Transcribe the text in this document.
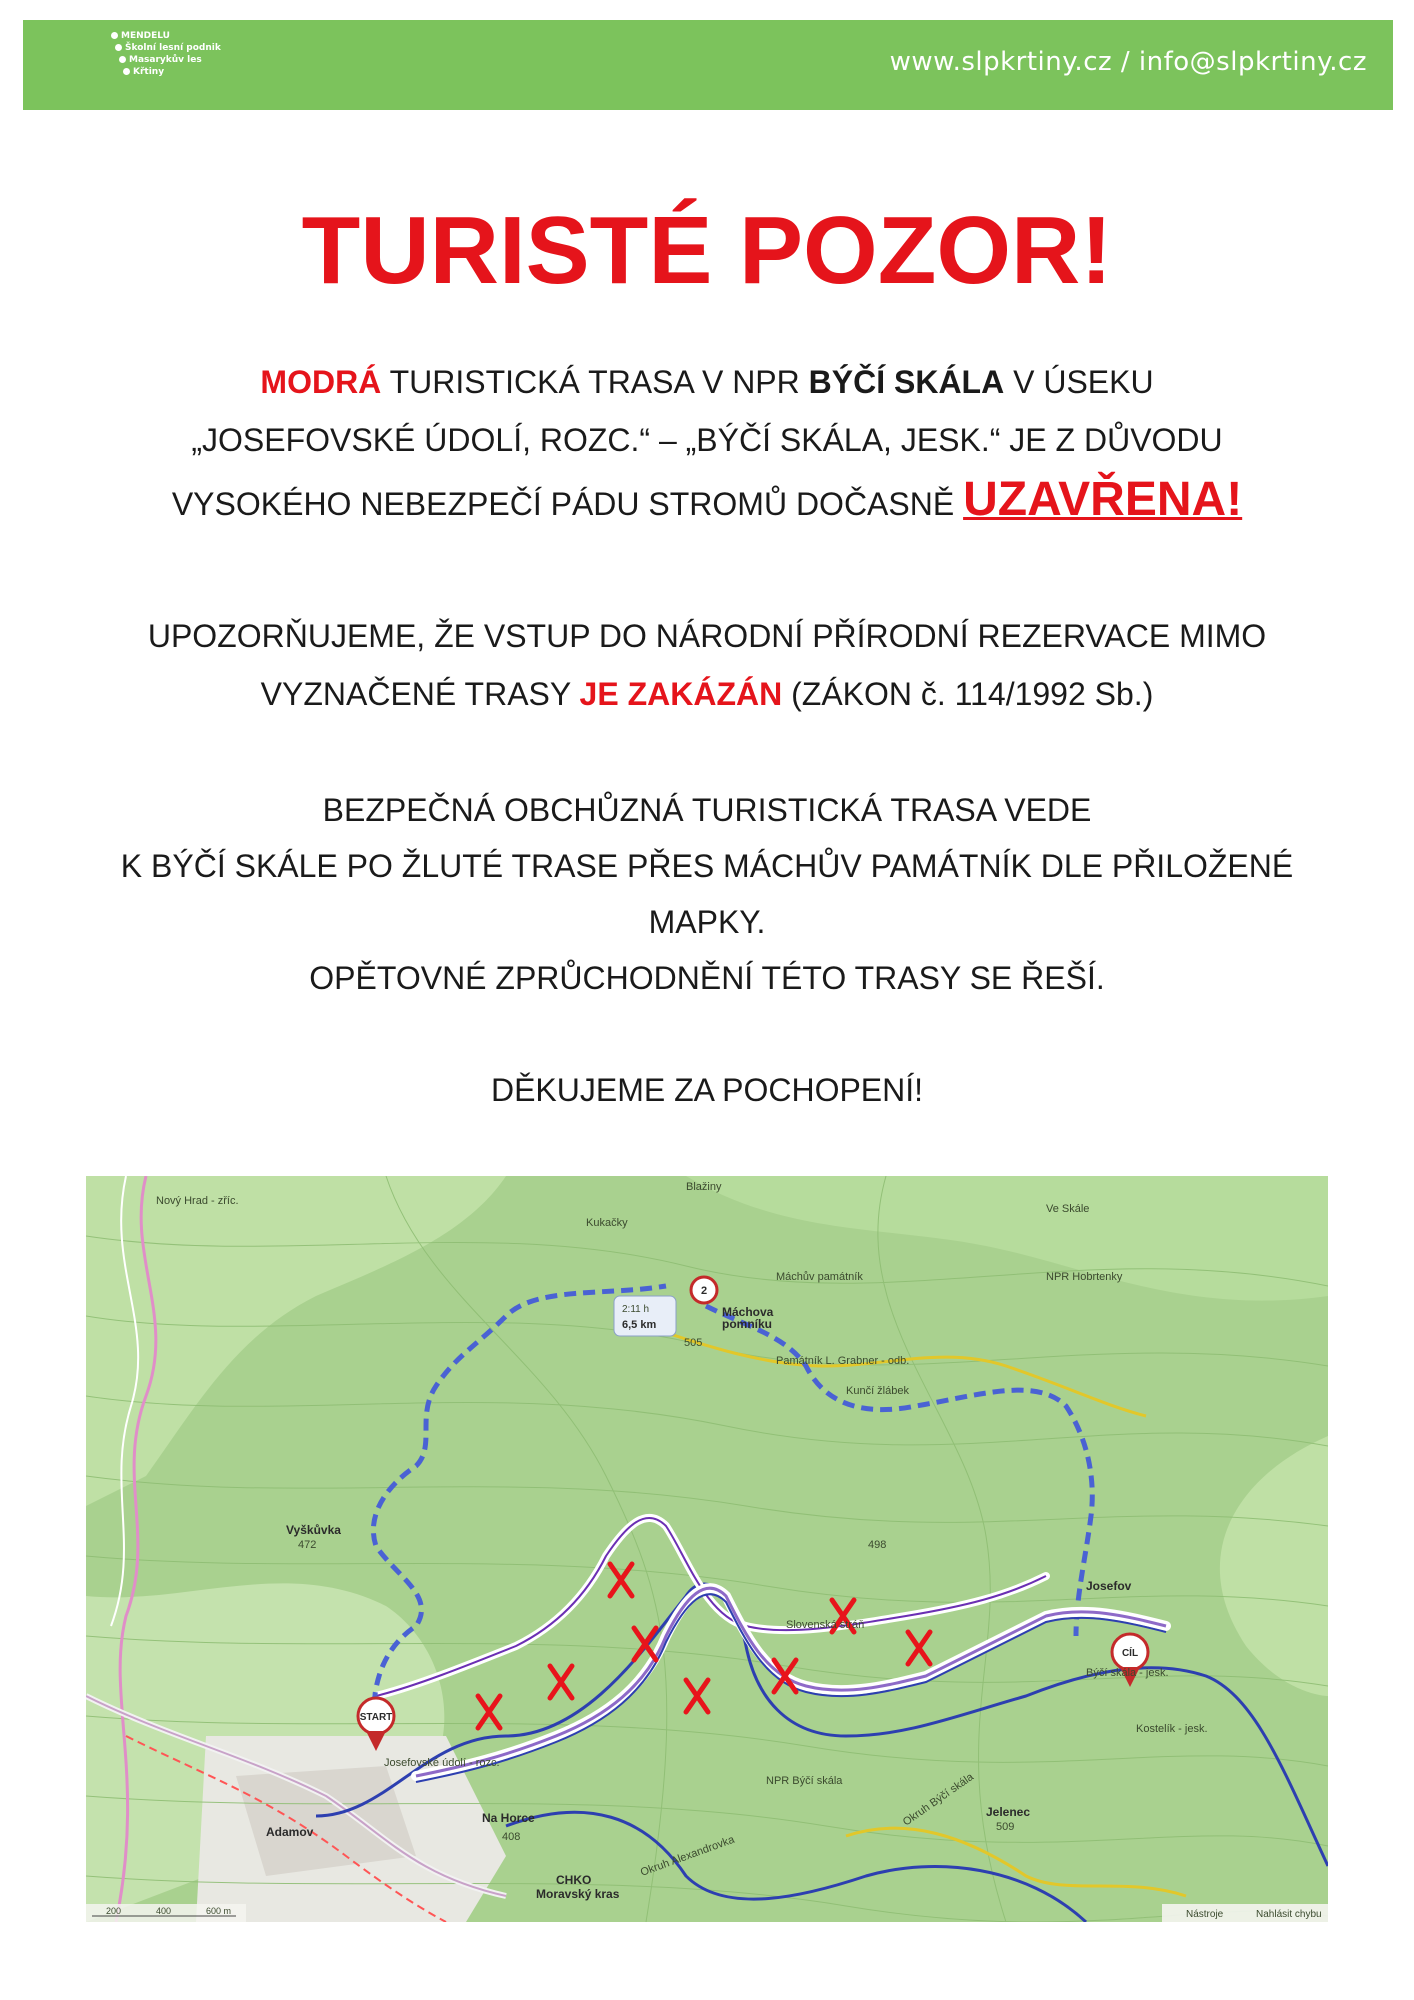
MENDELU
Školní lesní podnik
Masarykův les
Křtiny	www.slpkrtiny.cz / info@slpkrtiny.cz
TURISTÉ POZOR!
MODRÁ TURISTICKÁ TRASA V NPR BÝČÍ SKÁLA V ÚSEKU
„JOSEFOVSKÉ ÚDOLÍ, ROZC.“ – „BÝČÍ SKÁLA, JESK.“ JE Z DŮVODU
VYSOKÉHO NEBEZPEČÍ PÁDU STROMŮ DOČASNĚ UZAVŘENA!
UPOZORŇUJEME, ŽE VSTUP DO NÁRODNÍ PŘÍRODNÍ REZERVACE MIMO
VYZNAČENÉ TRASY JE ZAKÁZÁN (ZÁKON č. 114/1992 Sb.)
BEZPEČNÁ OBCHŮZNÁ TURISTICKÁ TRASA VEDE
K BÝČÍ SKÁLE PO ŽLUTÉ TRASE PŘES MÁCHŮV PAMÁTNÍK DLE PŘILOŽENÉ
MAPKY.
OPĚTOVNÉ ZPRŮCHODNĚNÍ TÉTO TRASY SE ŘEŠÍ.
DĚKUJEME ZA POCHOPENÍ!
START
CÍL
2
2:11 h
6,5 km
Blažiny
Kukačky
Nový Hrad - zříc.
Vyškůvka
472
Máchova
pomníku
505
Máchův památník
Památník L. Grabner - odb.
498
Josefov
Jelenec
509
NPR Býčí skála
NPR Hobrtenky
Slovenská stráň
Josefovské údolí - rozc.
Býčí skála - jesk.
Kostelík - jesk.
Adamov
CHKO
Moravský kras
Na Horce
408
Okruh Býčí skála
Okruh Alexandrovka
Ve Skále
Kunčí žlábek
200	400	600 m	Nástroje	Nahlásit chybu
